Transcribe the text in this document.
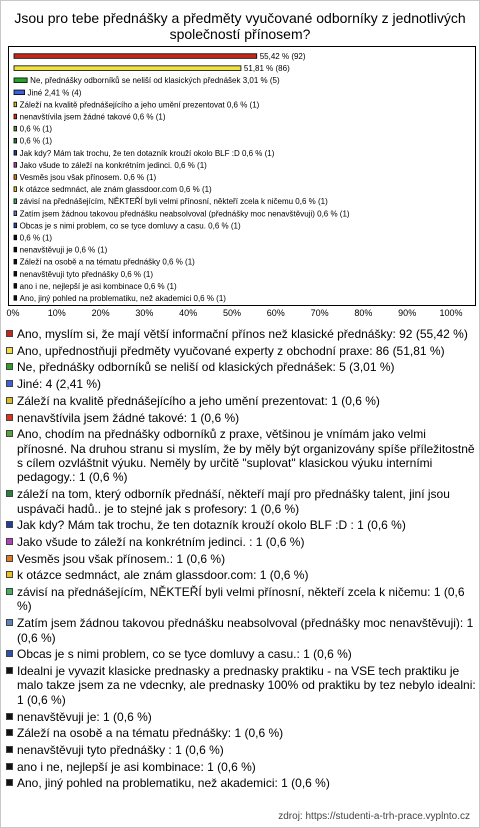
Jsou pro tebe přednášky a předměty vyučované odborníky z jednotlivých společností přínosem?
55,42 % (92)
51,81 % (86)
Ne, přednášky odborníků se neliší od klasických přednášek 3,01 % (5)
Jiné 2,41 % (4)
Záleží na kvalitě přednášejícího a jeho umění prezentovat 0,6 % (1)
nenavštívila jsem žádné takové 0,6 % (1)
0,6 % (1)
0,6 % (1)
Jak kdy? Mám tak trochu, že ten dotazník krouží okolo BLF :D 0,6 % (1)
Jako všude to záleží na konkrétním jedinci. 0,6 % (1)
Vesměs jsou však přínosem. 0,6 % (1)
k otázce sedmnáct, ale znám glassdoor.com 0,6 % (1)
závisí na přednášejícím, NĚKTEŘÍ byli velmi přínosní, někteří zcela k ničemu 0,6 % (1)
Zatím jsem žádnou takovou přednášku neabsolvoval (přednášky moc nenavštěvuji) 0,6 % (1)
Obcas je s nimi problem, co se tyce domluvy a casu. 0,6 % (1)
0,6 % (1)
nenavštěvuji je 0,6 % (1)
Záleží na osobě a na tématu přednášky 0,6 % (1)
nenavštěvuji tyto přednášky 0,6 % (1)
ano i ne, nejlepší je asi kombinace 0,6 % (1)
Ano, jiný pohled na problematiku, než akademici 0,6 % (1)
0%	10%	20%	30%	40%	50%	60%	70%	80%	90%	100%
Ano, myslím si, že mají větší informační přínos než klasické přednášky: 92 (55,42 %)
Ano, upřednostňuji předměty vyučované experty z obchodní praxe: 86 (51,81 %)
Ne, přednášky odborníků se neliší od klasických přednášek: 5 (3,01 %)
Jiné: 4 (2,41 %)
Záleží na kvalitě přednášejícího a jeho umění prezentovat: 1 (0,6 %)
nenavštívila jsem žádné takové: 1 (0,6 %)
Ano, chodím na přednášky odborníků z praxe, většinou je vnímám jako velmi přínosné. Na druhou stranu si myslím, že by měly být organizovány spíše příležitostně s cílem ozvláštnit výuku. Neměly by určitě "suplovat" klasickou výuku interními pedagogy.: 1 (0,6 %)
záleží na tom, který odborník přednáší, někteří mají pro přednášky talent, jiní jsou uspávači hadů.. je to stejné jak s profesory: 1 (0,6 %)
Jak kdy? Mám tak trochu, že ten dotazník krouží okolo BLF :D : 1 (0,6 %)
Jako všude to záleží na konkrétním jedinci. : 1 (0,6 %)
Vesměs jsou však přínosem.: 1 (0,6 %)
k otázce sedmnáct, ale znám glassdoor.com: 1 (0,6 %)
závisí na přednášejícím, NĚKTEŘÍ byli velmi přínosní, někteří zcela k ničemu: 1 (0,6 %)
Zatím jsem žádnou takovou přednášku neabsolvoval (přednášky moc nenavštěvuji): 1 (0,6 %)
Obcas je s nimi problem, co se tyce domluvy a casu.: 1 (0,6 %)
Idealni je vyvazit klasicke prednasky a prednasky praktiku - na VSE tech praktiku je malo takze jsem za ne vdecnky, ale prednasky 100% od praktiku by tez nebylo idealni: 1 (0,6 %)
nenavštěvuji je: 1 (0,6 %)
Záleží na osobě a na tématu přednášky: 1 (0,6 %)
nenavštěvuji tyto přednášky : 1 (0,6 %)
ano i ne, nejlepší je asi kombinace: 1 (0,6 %)
Ano, jiný pohled na problematiku, než akademici: 1 (0,6 %)
zdroj: https://studenti-a-trh-prace.vyplnto.cz
